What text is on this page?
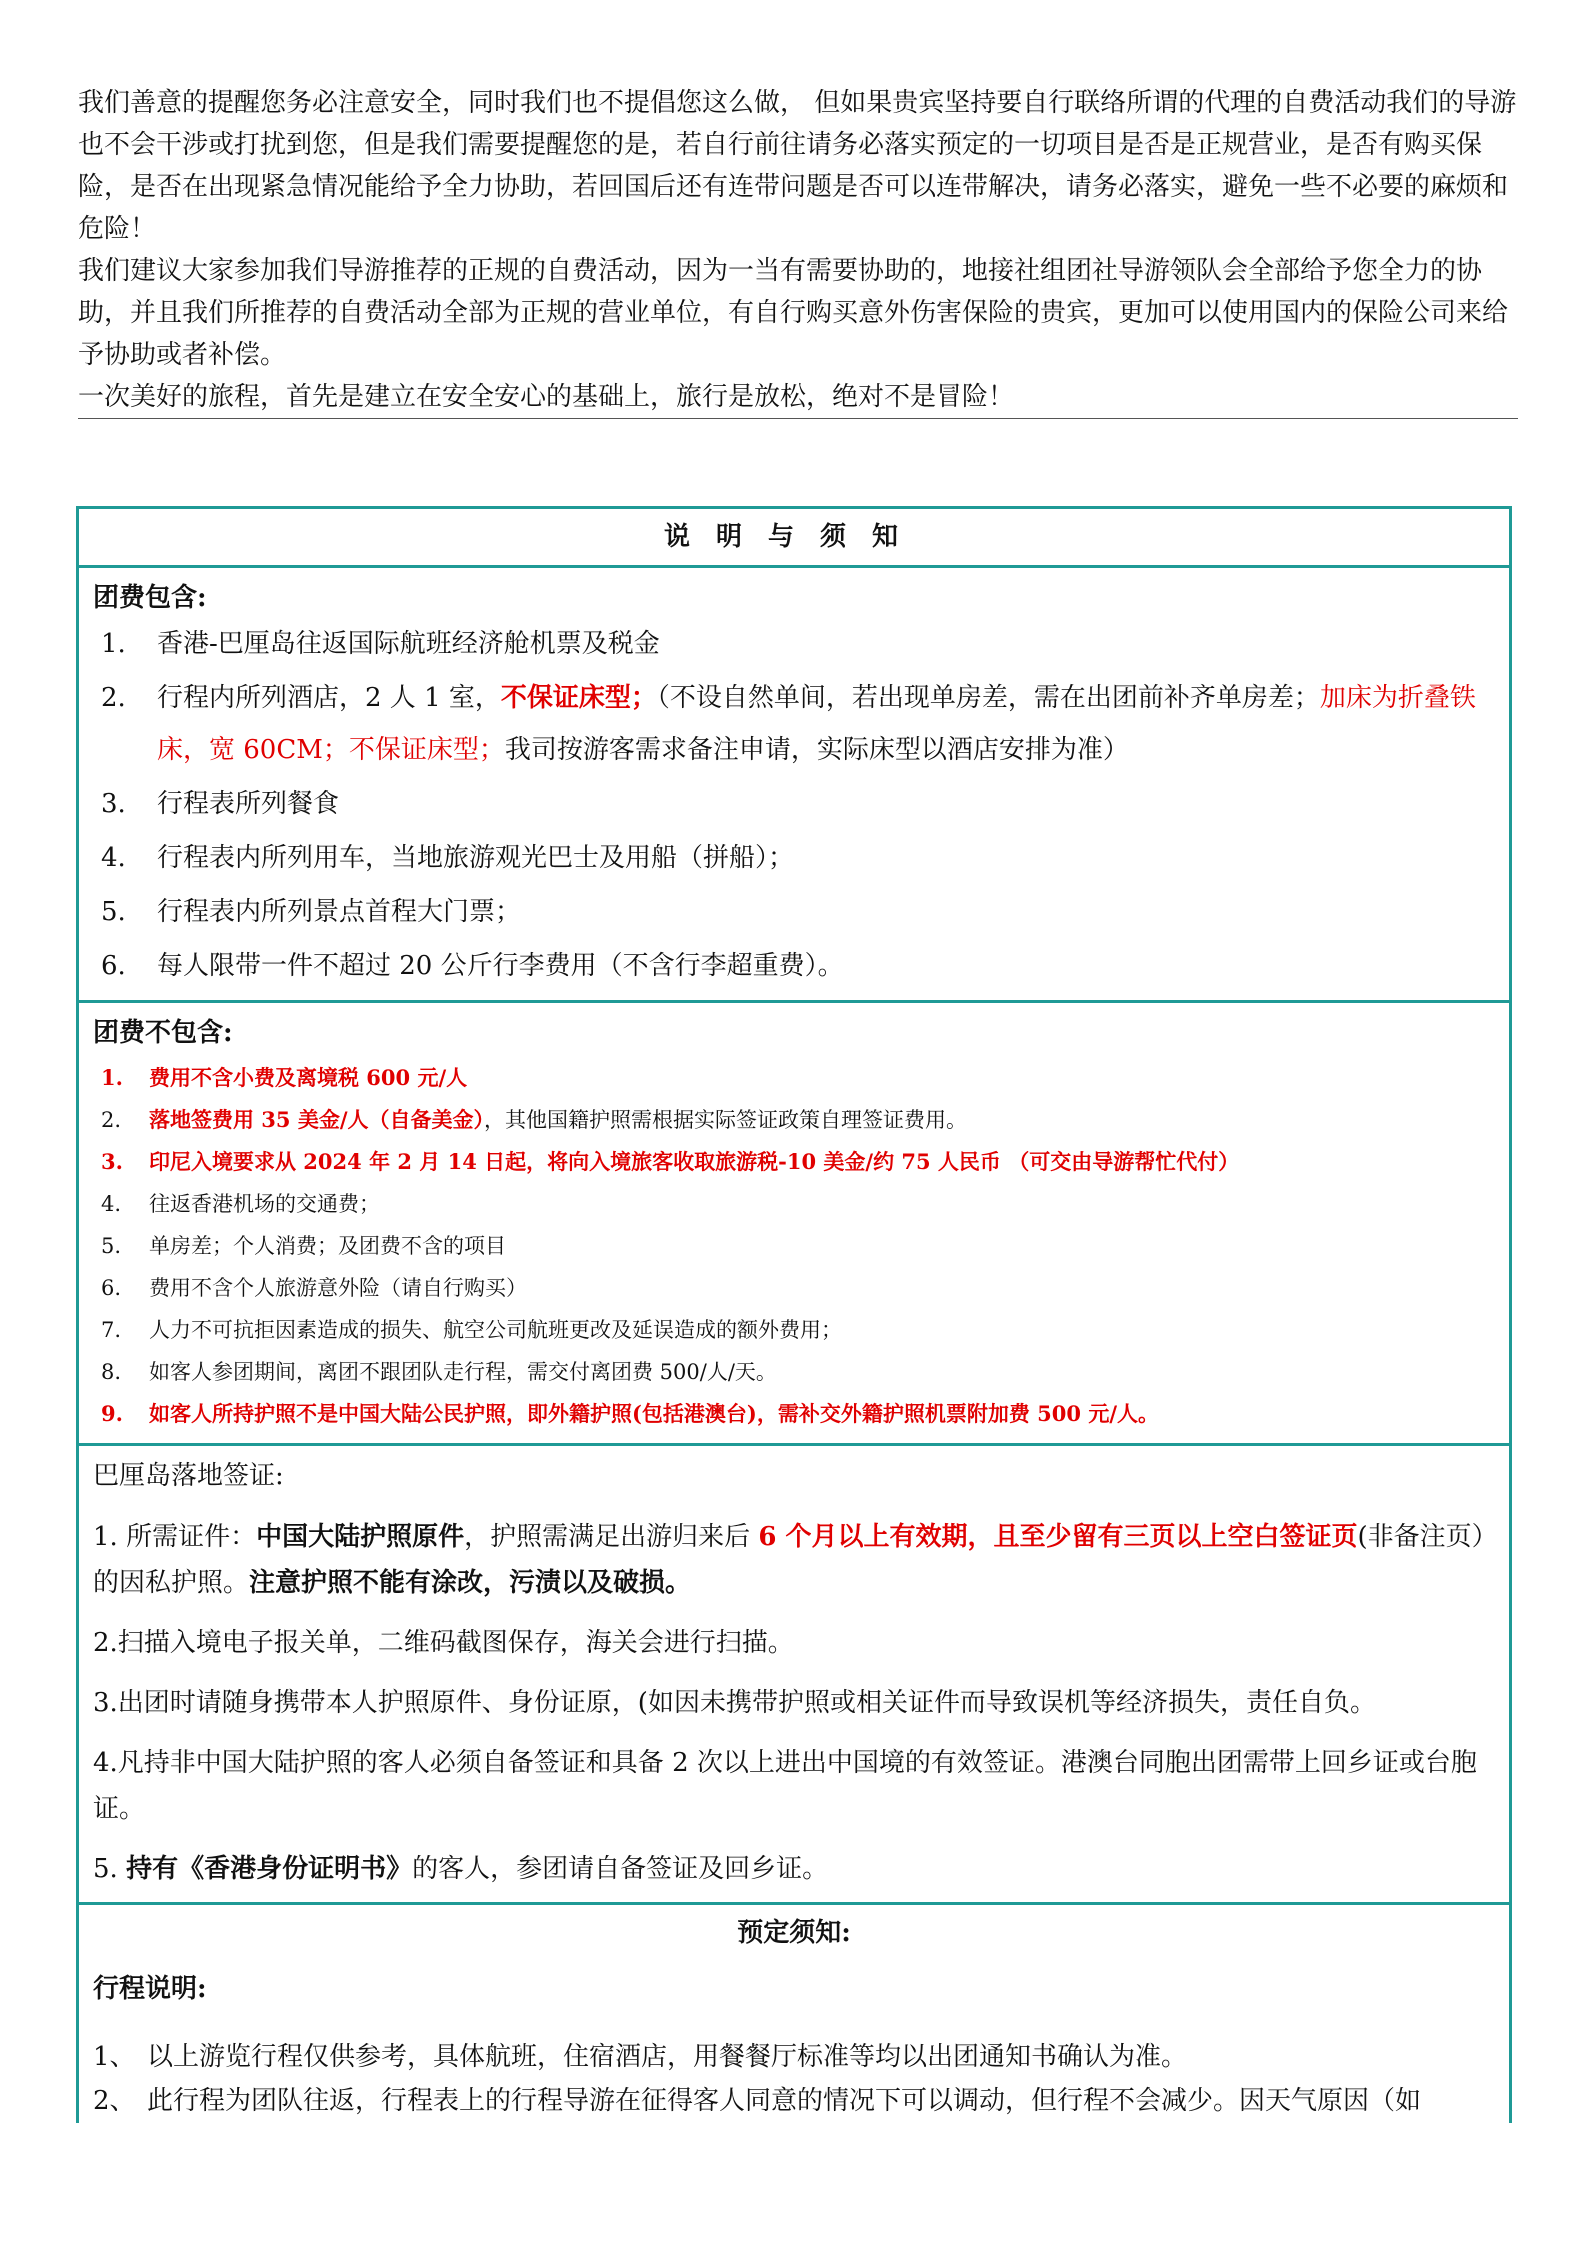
我们善意的提醒您务必注意安全，同时我们也不提倡您这么做， 但如果贵宾坚持要自行联络所谓的代理的自费活动我们的导游也不会干涉或打扰到您，但是我们需要提醒您的是，若自行前往请务必落实预定的一切项目是否是正规营业，是否有购买保险，是否在出现紧急情况能给予全力协助，若回国后还有连带问题是否可以连带解决，请务必落实，避免一些不必要的麻烦和危险！

我们建议大家参加我们导游推荐的正规的自费活动，因为一当有需要协助的，地接社组团社导游领队会全部给予您全力的协助，并且我们所推荐的自费活动全部为正规的营业单位，有自行购买意外伤害保险的贵宾，更加可以使用国内的保险公司来给予协助或者补偿。

一次美好的旅程，首先是建立在安全安心的基础上，旅行是放松，绝对不是冒险！

说明与须知
团费包含:
1.	香港-巴厘岛往返国际航班经济舱机票及税金
2.	行程内所列酒店，2 人 1 室，不保证床型；（不设自然单间，若出现单房差，需在出团前补齐单房差；加床为折叠铁床，宽 60CM；不保证床型；我司按游客需求备注申请，实际床型以酒店安排为准）
3.	行程表所列餐食
4.	行程表内所列用车，当地旅游观光巴士及用船（拼船）；
5.	行程表内所列景点首程大门票；
6.	每人限带一件不超过 20 公斤行李费用（不含行李超重费）。
团费不包含:
1.	费用不含小费及离境税 600 元/人
2.	落地签费用 35 美金/人（自备美金），其他国籍护照需根据实际签证政策自理签证费用。
3.	印尼入境要求从 2024 年 2 月 14 日起，将向入境旅客收取旅游税-10 美金/约 75 人民币 （可交由导游帮忙代付）
4.	往返香港机场的交通费；
5.	单房差；个人消费；及团费不含的项目
6.	费用不含个人旅游意外险（请自行购买）
7.	人力不可抗拒因素造成的损失、航空公司航班更改及延误造成的额外费用；
8.	如客人参团期间，离团不跟团队走行程，需交付离团费 500/人/天。
9.	如客人所持护照不是中国大陆公民护照，即外籍护照(包括港澳台)，需补交外籍护照机票附加费 500 元/人。
巴厘岛落地签证:

1. 所需证件：中国大陆护照原件，护照需满足出游归来后 6 个月以上有效期，且至少留有三页以上空白签证页(非备注页）的因私护照。注意护照不能有涂改，污渍以及破损。

2.扫描入境电子报关单，二维码截图保存，海关会进行扫描。

3.出团时请随身携带本人护照原件、身份证原，(如因未携带护照或相关证件而导致误机等经济损失，责任自负。

4.凡持非中国大陆护照的客人必须自备签证和具备 2 次以上进出中国境的有效签证。港澳台同胞出团需带上回乡证或台胞证。

5. 持有《香港身份证明书》的客人，参团请自备签证及回乡证。

预定须知:
行程说明:
1、 以上游览行程仅供参考，具体航班，住宿酒店，用餐餐厅标准等均以出团通知书确认为准。
2、 此行程为团队往返，行程表上的行程导游在征得客人同意的情况下可以调动，但行程不会减少。因天气原因（如
